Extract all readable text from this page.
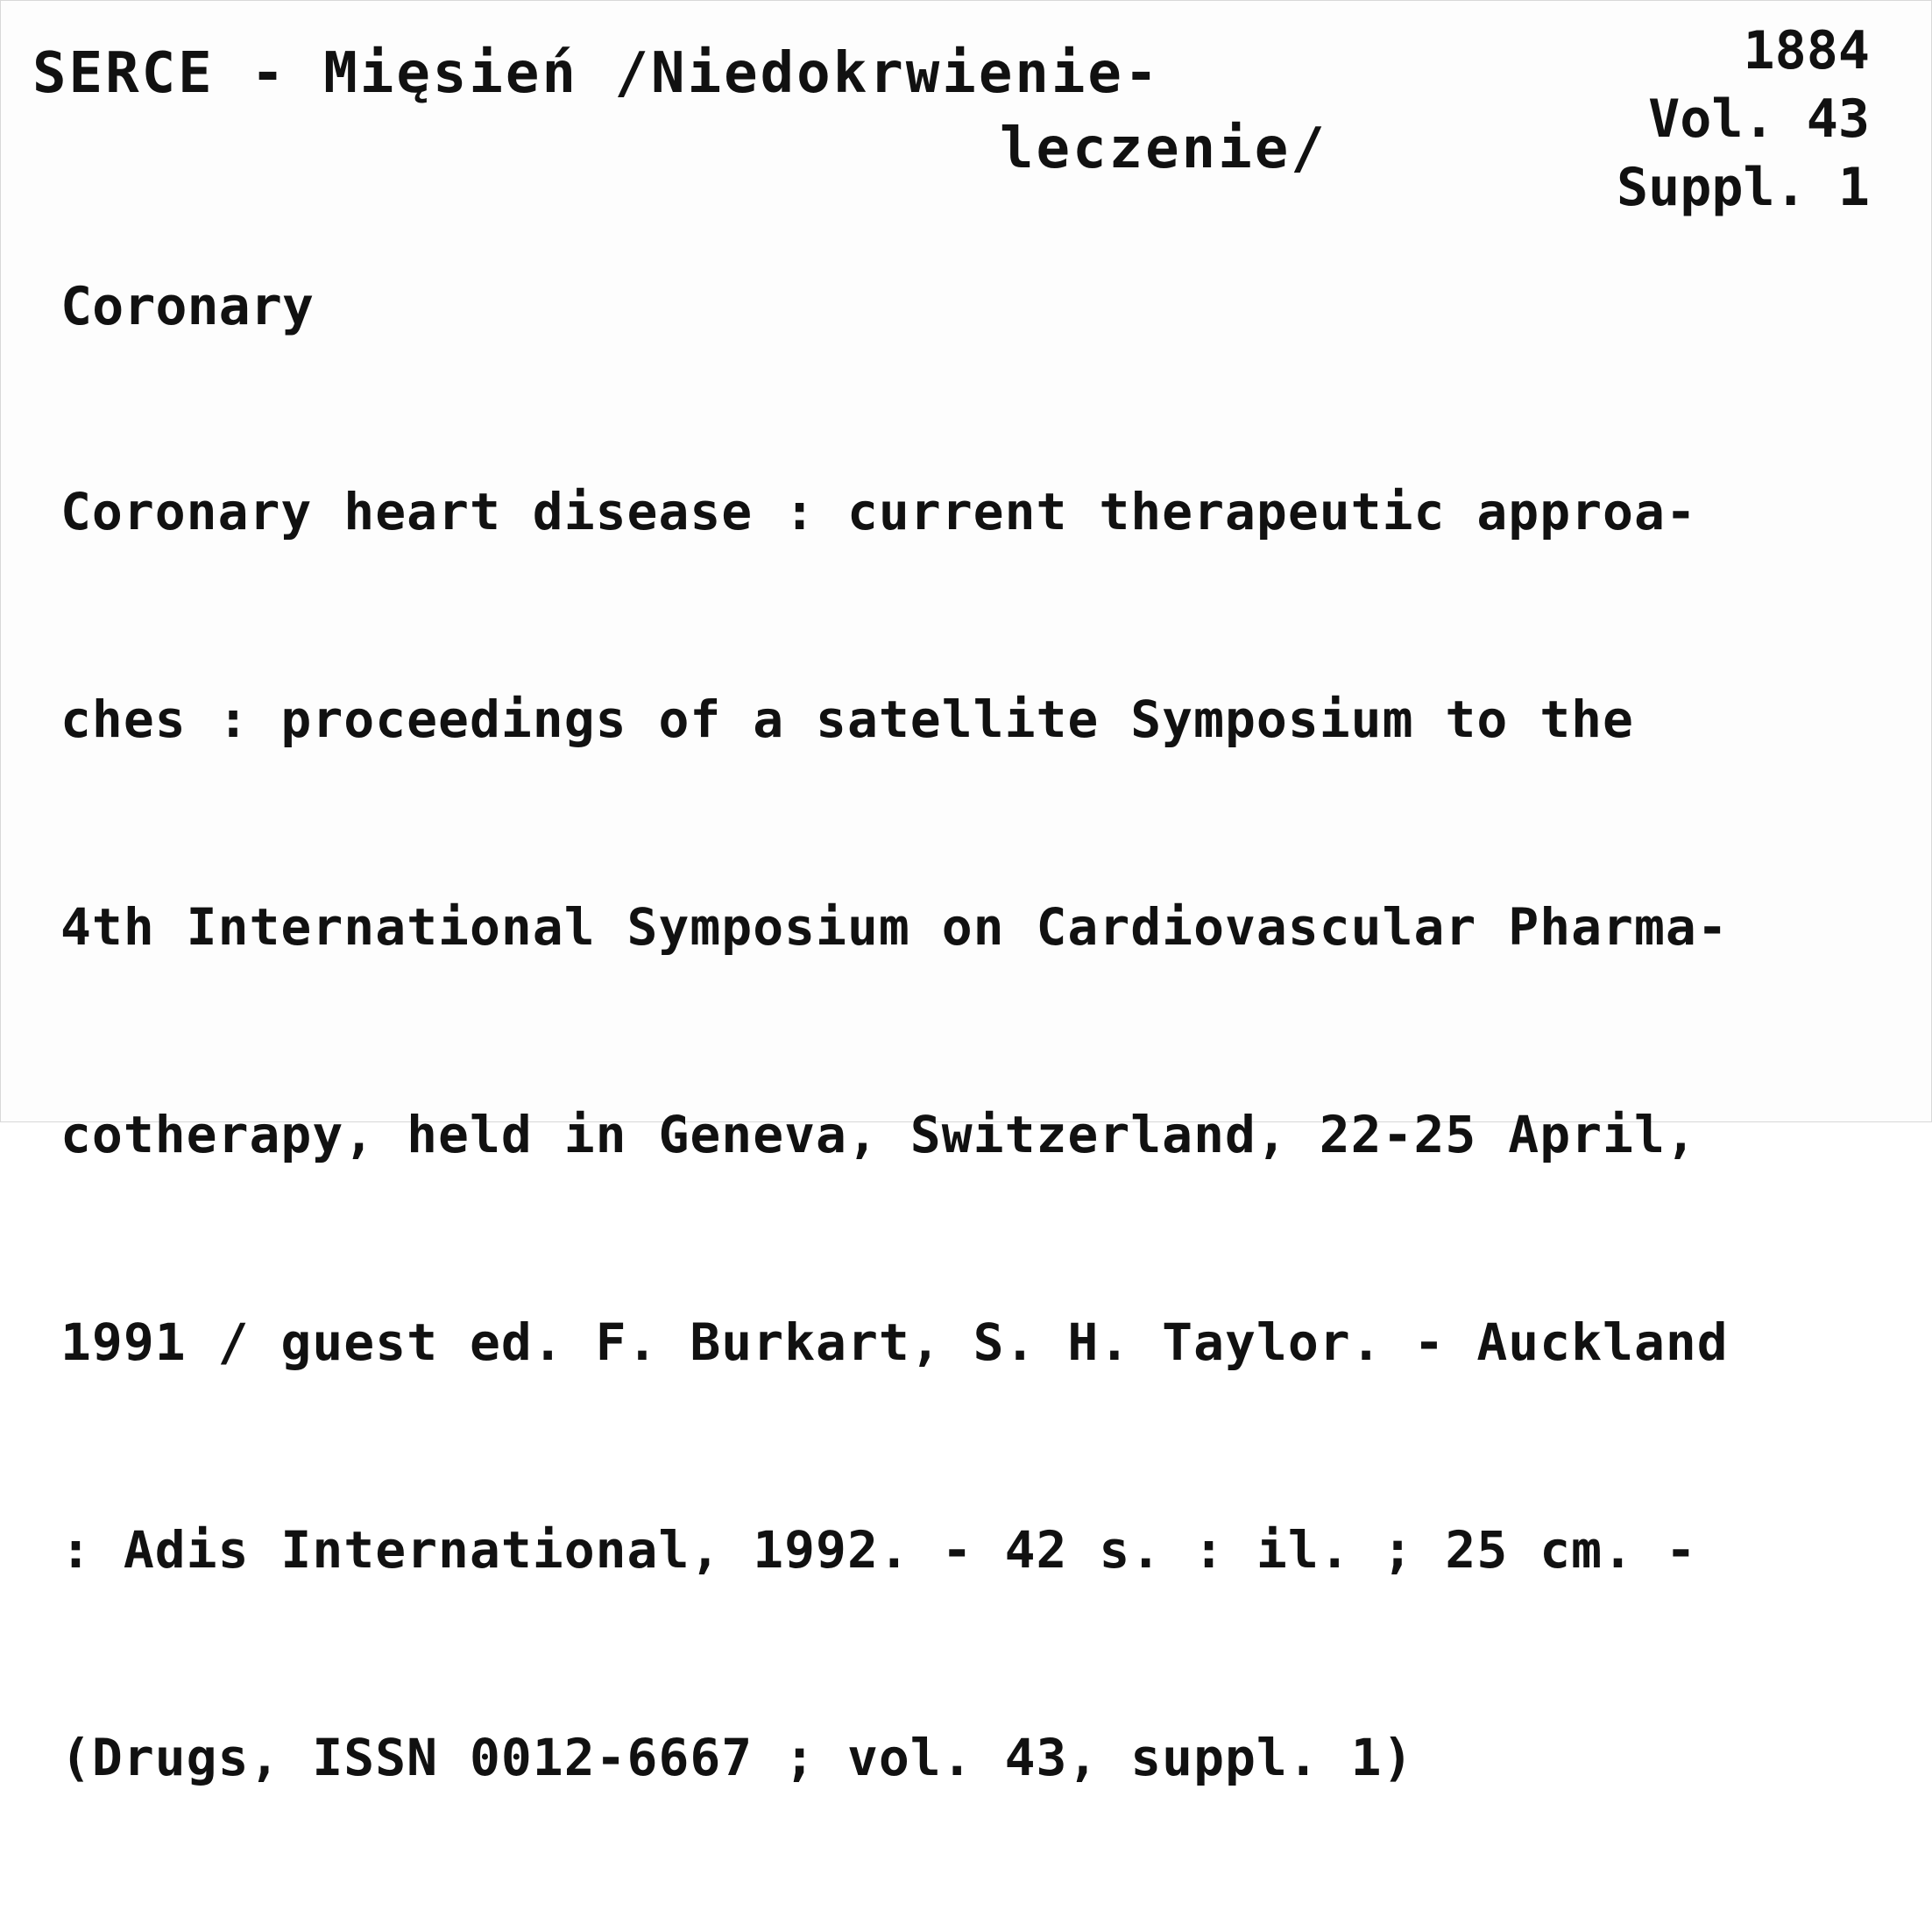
SERCE - Mięsień /Niedokrwienie-
leczenie/
1884
Vol. 43
Suppl. 1
Coronary

Coronary heart disease : current therapeutic approa-

ches : proceedings of a satellite Symposium to the

4th International Symposium on Cardiovascular Pharma-

cotherapy, held in Geneva, Switzerland, 22-25 April,

1991 / guest ed. F. Burkart, S. H. Taylor. - Auckland

: Adis International, 1992. - 42 s. : il. ; 25 cm. -

(Drugs, ISSN 0012-6667 ; vol. 43, suppl. 1)
